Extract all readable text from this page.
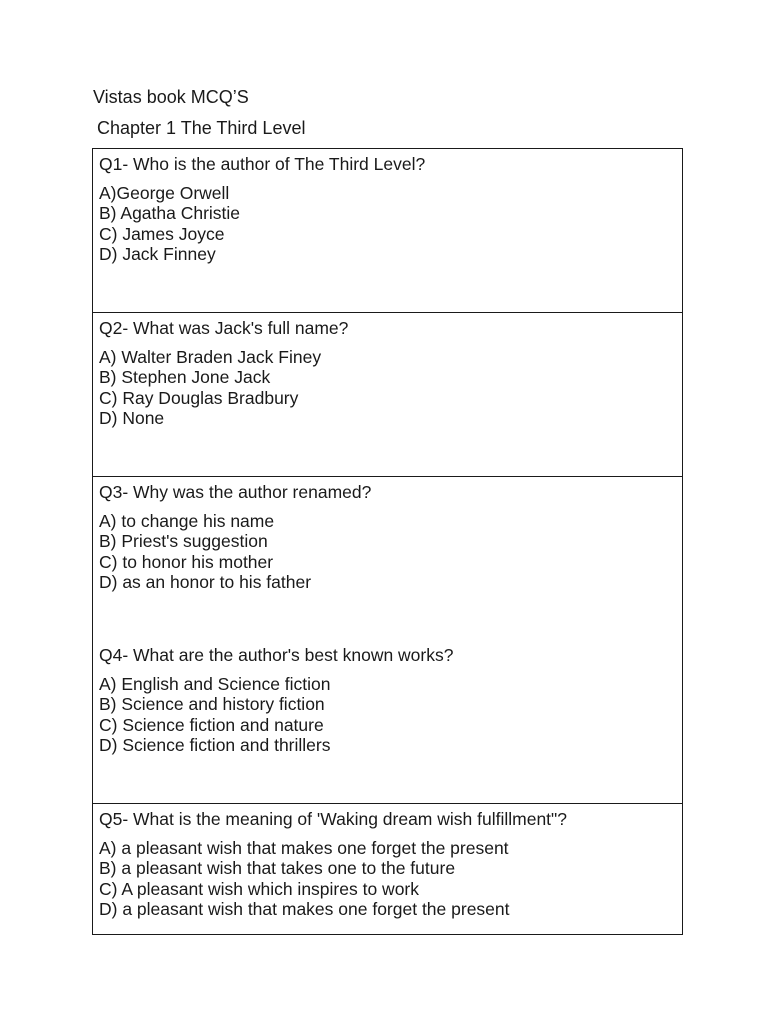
Vistas book MCQ’S
Chapter 1 The Third Level
Q1- Who is the author of The Third Level?
A)George Orwell
B) Agatha Christie
C) James Joyce
D) Jack Finney
Q2- What was Jack's full name?
A) Walter Braden Jack Finey
B) Stephen Jone Jack
C) Ray Douglas Bradbury
D) None
Q3- Why was the author renamed?
A) to change his name
B) Priest's suggestion
C) to honor his mother
D) as an honor to his father
Q4- What are the author's best known works?
A) English and Science fiction
B) Science and history fiction
C) Science fiction and nature
D) Science fiction and thrillers
Q5- What is the meaning of 'Waking dream wish fulfillment"?
A) a pleasant wish that makes one forget the present
B) a pleasant wish that takes one to the future
C) A pleasant wish which inspires to work
D) a pleasant wish that makes one forget the present
